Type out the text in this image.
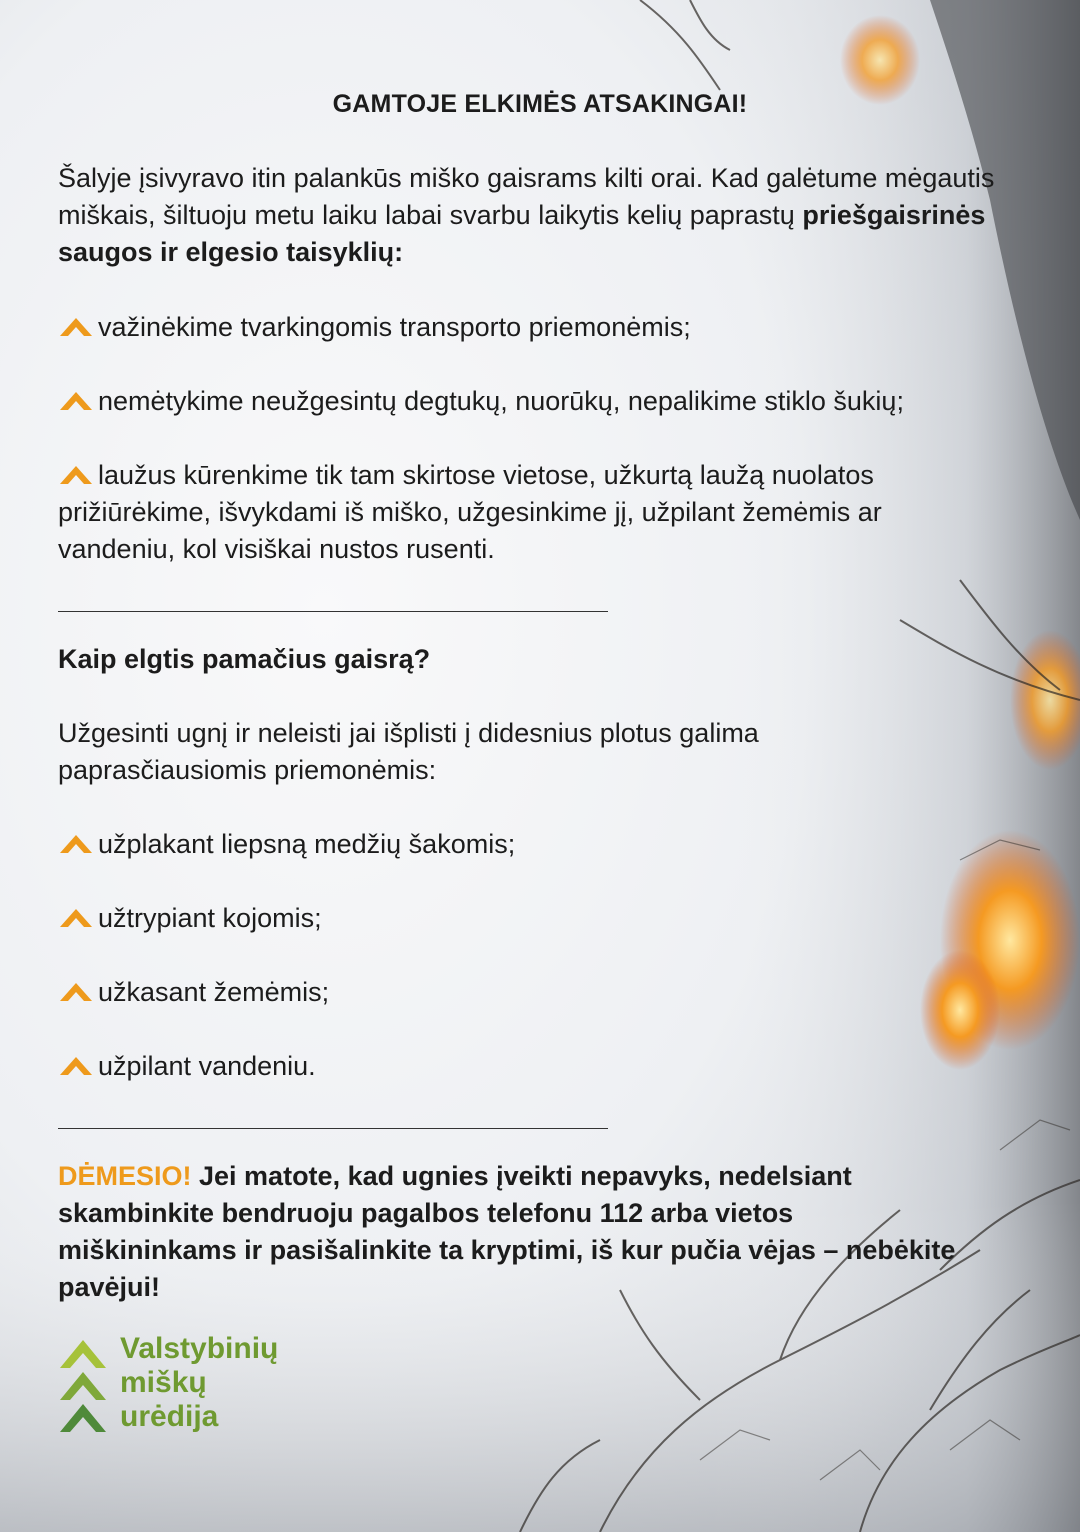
GAMTOJE ELKIMĖS ATSAKINGAI!
Šalyje įsivyravo itin palankūs miško gaisrams kilti orai. Kad galėtume mėgautis miškais, šiltuoju metu laiku labai svarbu laikytis kelių paprastų priešgaisrinės saugos ir elgesio taisyklių:
važinėkime tvarkingomis transporto priemonėmis;
nemėtykime neužgesintų degtukų, nuorūkų, nepalikime stiklo šukių;
laužus kūrenkime tik tam skirtose vietose, užkurtą laužą nuolatos prižiūrėkime, išvykdami iš miško, užgesinkime jį, užpilant žemėmis ar vandeniu, kol visiškai nustos rusenti.
Kaip elgtis pamačius gaisrą?
Užgesinti ugnį ir neleisti jai išplisti į didesnius plotus galima paprasčiausiomis priemonėmis:
užplakant liepsną medžių šakomis;
užtrypiant kojomis;
užkasant žemėmis;
užpilant vandeniu.
DĖMESIO! Jei matote, kad ugnies įveikti nepavyks, nedelsiant skambinkite bendruoju pagalbos telefonu 112 arba vietos miškininkams ir pasišalinkite ta kryptimi, iš kur pučia vėjas – nebėkite pavėjui!
Valstybinių
miškų
urėdija
